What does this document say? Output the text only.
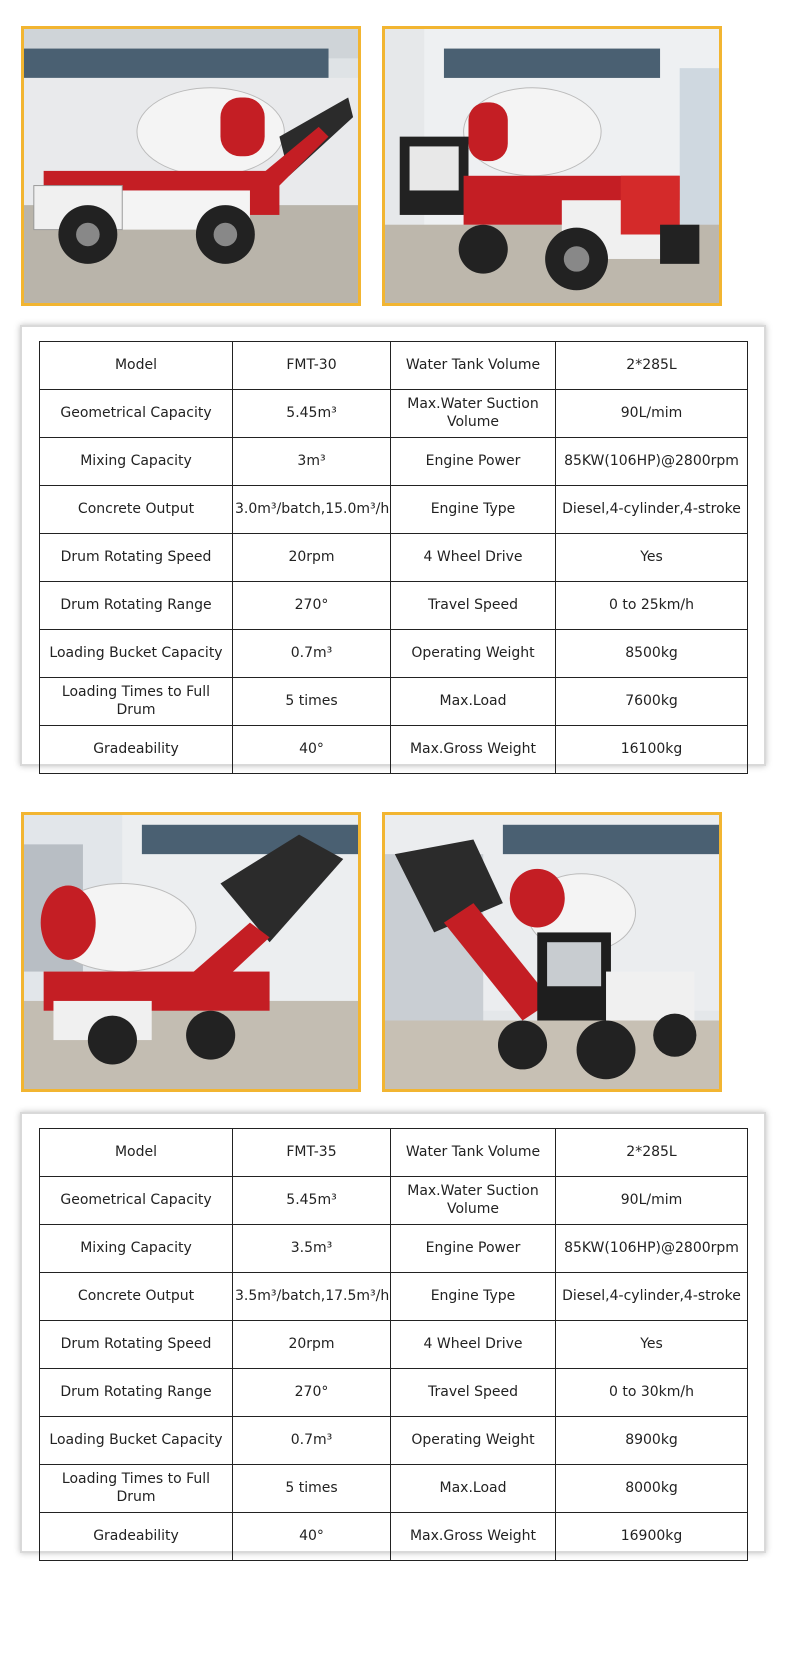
Model	FMT-30	Water Tank Volume	2*285L
Geometrical Capacity	5.45m³	Max.Water Suction Volume	90L/mim
Mixing Capacity	3m³	Engine Power	85KW(106HP)@2800rpm
Concrete Output	3.0m³/batch,15.0m³/h	Engine Type	Diesel,4-cylinder,4-stroke
Drum Rotating Speed	20rpm	4 Wheel Drive	Yes
Drum Rotating Range	270°	Travel Speed	0 to 25km/h
Loading Bucket Capacity	0.7m³	Operating Weight	8500kg
Loading Times to Full Drum	5 times	Max.Load	7600kg
Gradeability	40°	Max.Gross Weight	16100kg
Model	FMT-35	Water Tank Volume	2*285L
Geometrical Capacity	5.45m³	Max.Water Suction Volume	90L/mim
Mixing Capacity	3.5m³	Engine Power	85KW(106HP)@2800rpm
Concrete Output	3.5m³/batch,17.5m³/h	Engine Type	Diesel,4-cylinder,4-stroke
Drum Rotating Speed	20rpm	4 Wheel Drive	Yes
Drum Rotating Range	270°	Travel Speed	0 to 30km/h
Loading Bucket Capacity	0.7m³	Operating Weight	8900kg
Loading Times to Full Drum	5 times	Max.Load	8000kg
Gradeability	40°	Max.Gross Weight	16900kg
